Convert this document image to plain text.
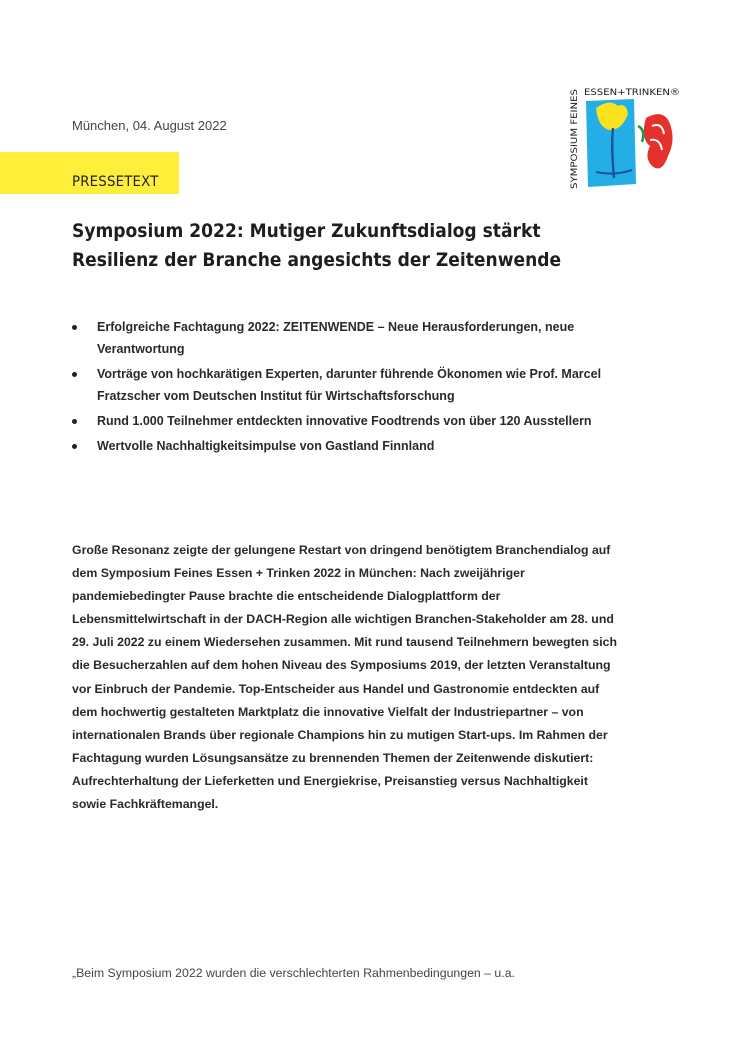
München, 04. August 2022
PRESSETEXT	SYMPOSIUM FEINES
ESSEN+TRINKEN®
Symposium 2022: Mutiger Zukunftsdialog stärkt
Resilienz der Branche angesichts der Zeitenwende
Erfolgreiche Fachtagung 2022: ZEITENWENDE – Neue Herausforderungen, neue Verantwortung
Vorträge von hochkarätigen Experten, darunter führende Ökonomen wie Prof. Marcel Fratzscher vom Deutschen Institut für Wirtschaftsforschung
Rund 1.000 Teilnehmer entdeckten innovative Foodtrends von über 120 Ausstellern
Wertvolle Nachhaltigkeitsimpulse von Gastland Finnland

Große Resonanz zeigte der gelungene Restart von dringend benötigtem Branchendialog auf dem Symposium Feines Essen + Trinken 2022 in München: Nach zweijähriger pandemiebedingter Pause brachte die entscheidende Dialogplattform der Lebensmittelwirtschaft in der DACH-Region alle wichtigen Branchen-Stakeholder am 28. und 29. Juli 2022 zu einem Wiedersehen zusammen. Mit rund tausend Teilnehmern bewegten sich die Besucherzahlen auf dem hohen Niveau des Symposiums 2019, der letzten Veranstaltung vor Einbruch der Pandemie. Top-Entscheider aus Handel und Gastronomie entdeckten auf dem hochwertig gestalteten Marktplatz die innovative Vielfalt der Industriepartner – von internationalen Brands über regionale Champions hin zu mutigen Start-ups. Im Rahmen der Fachtagung wurden Lösungsansätze zu brennenden Themen der Zeitenwende diskutiert: Aufrechterhaltung der Lieferketten und Energiekrise, Preisanstieg versus Nachhaltigkeit sowie Fachkräftemangel.

„Beim Symposium 2022 wurden die verschlechterten Rahmenbedingungen – u.a.
